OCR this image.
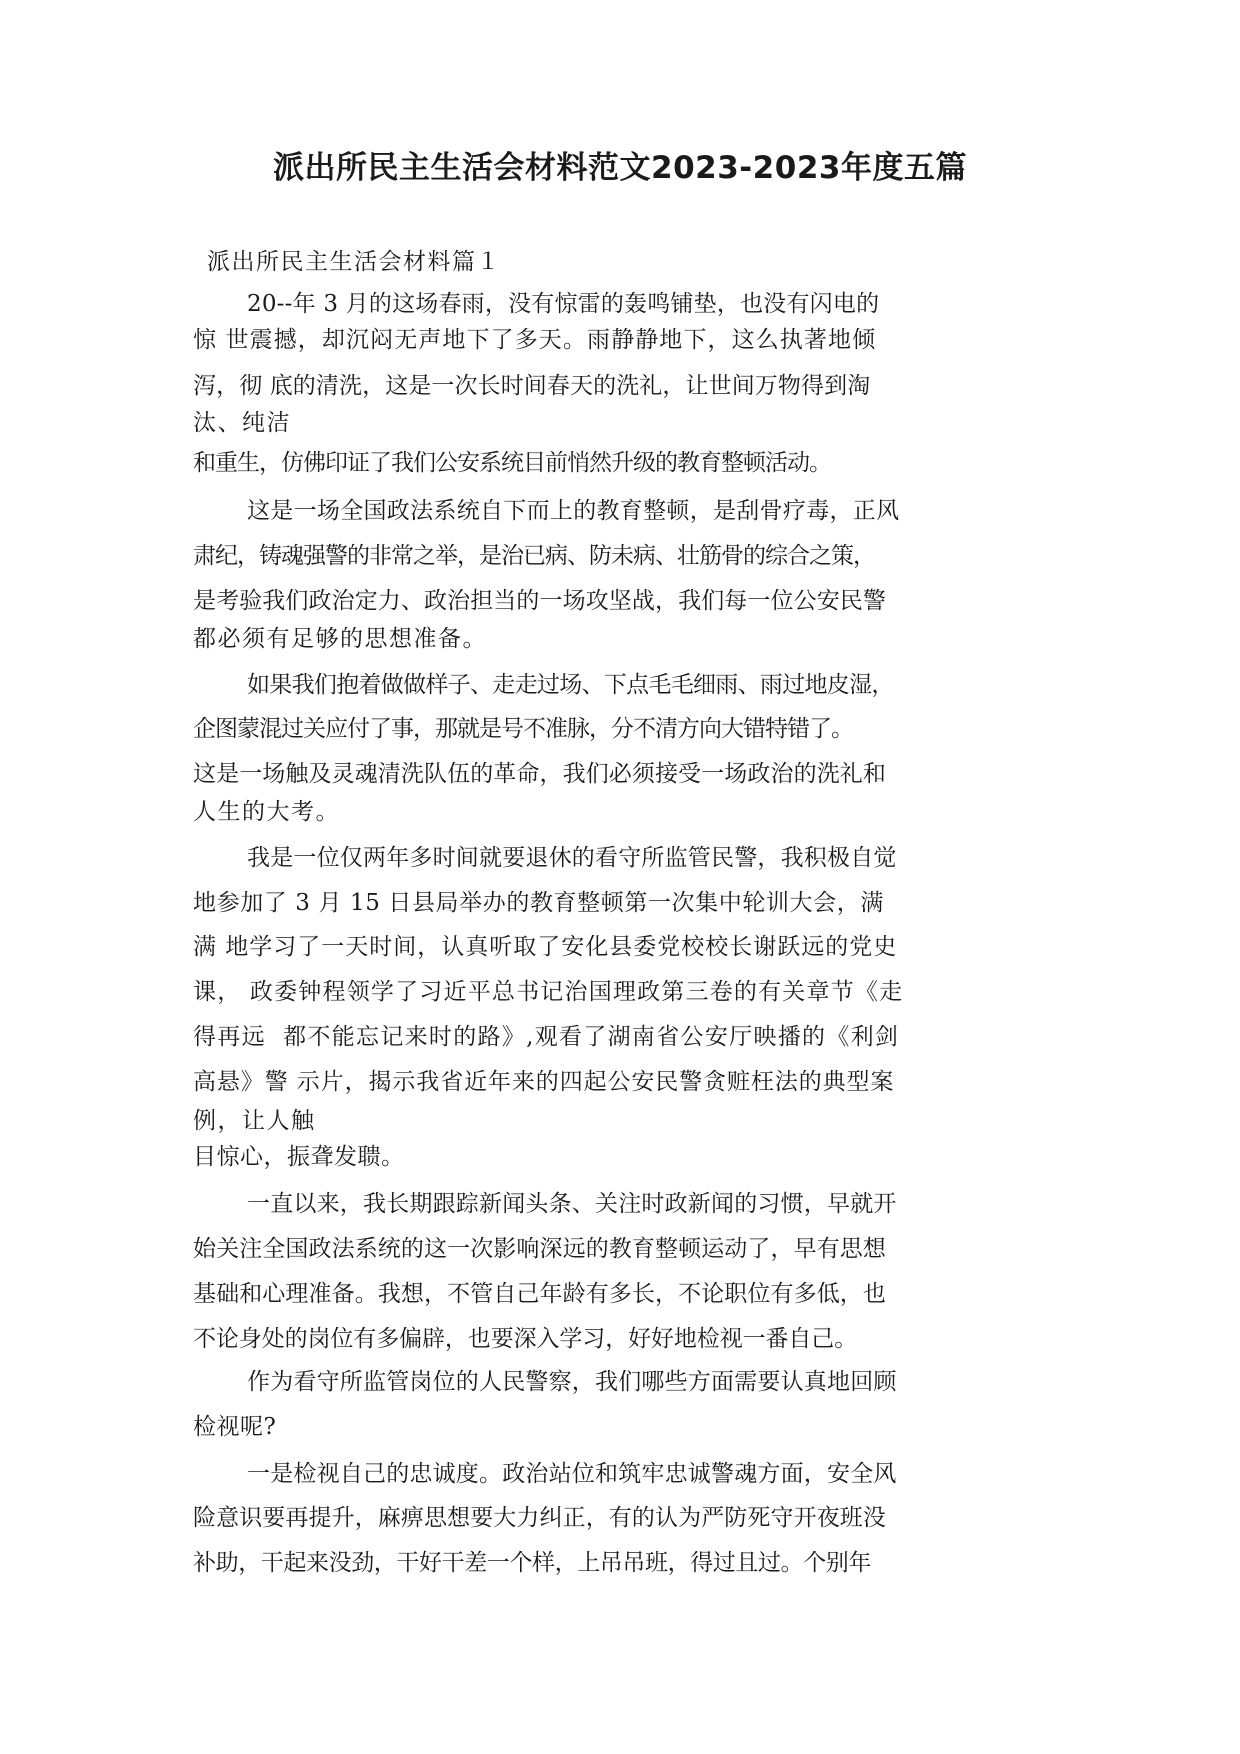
派出所民主生活会材料范文2023-2023年度五篇
派出所民主生活会材料篇１
20--年 3 月的这场春雨，没有惊雷的轰鸣铺垫，也没有闪电的
惊 世震撼，却沉闷无声地下了多天。雨静静地下，这么执著地倾
泻，彻 底的清洗，这是一次长时间春天的洗礼，让世间万物得到淘
汰、纯洁
和重生，仿佛印证了我们公安系统目前悄然升级的教育整顿活动。
这是一场全国政法系统自下而上的教育整顿，是刮骨疗毒，正风
肃纪，铸魂强警的非常之举，是治已病、防未病、壮筋骨的综合之策，
是考验我们政治定力、政治担当的一场攻坚战，我们每一位公安民警
都必须有足够的思想准备。
如果我们抱着做做样子、走走过场、下点毛毛细雨、雨过地皮湿，
企图蒙混过关应付了事，那就是号不准脉，分不清方向大错特错了。
这是一场触及灵魂清洗队伍的革命，我们必须接受一场政治的洗礼和
人生的大考。
我是一位仅两年多时间就要退休的看守所监管民警，我积极自觉
地参加了 3 月 15 日县局举办的教育整顿第一次集中轮训大会，满
满 地学习了一天时间，认真听取了安化县委党校校长谢跃远的党史
课， 政委钟程领学了习近平总书记治国理政第三卷的有关章节《走
得再远  都不能忘记来时的路》,观看了湖南省公安厅映播的《利剑
高悬》警 示片，揭示我省近年来的四起公安民警贪赃枉法的典型案
例，让人触
目惊心，振聋发聩。
一直以来，我长期跟踪新闻头条、关注时政新闻的习惯，早就开
始关注全国政法系统的这一次影响深远的教育整顿运动了，早有思想
基础和心理准备。我想，不管自己年龄有多长，不论职位有多低，也
不论身处的岗位有多偏辟，也要深入学习，好好地检视一番自己。
作为看守所监管岗位的人民警察，我们哪些方面需要认真地回顾
检视呢?
一是检视自己的忠诚度。政治站位和筑牢忠诚警魂方面，安全风
险意识要再提升，麻痹思想要大力纠正，有的认为严防死守开夜班没
补助，干起来没劲，干好干差一个样，上吊吊班，得过且过。个别年
